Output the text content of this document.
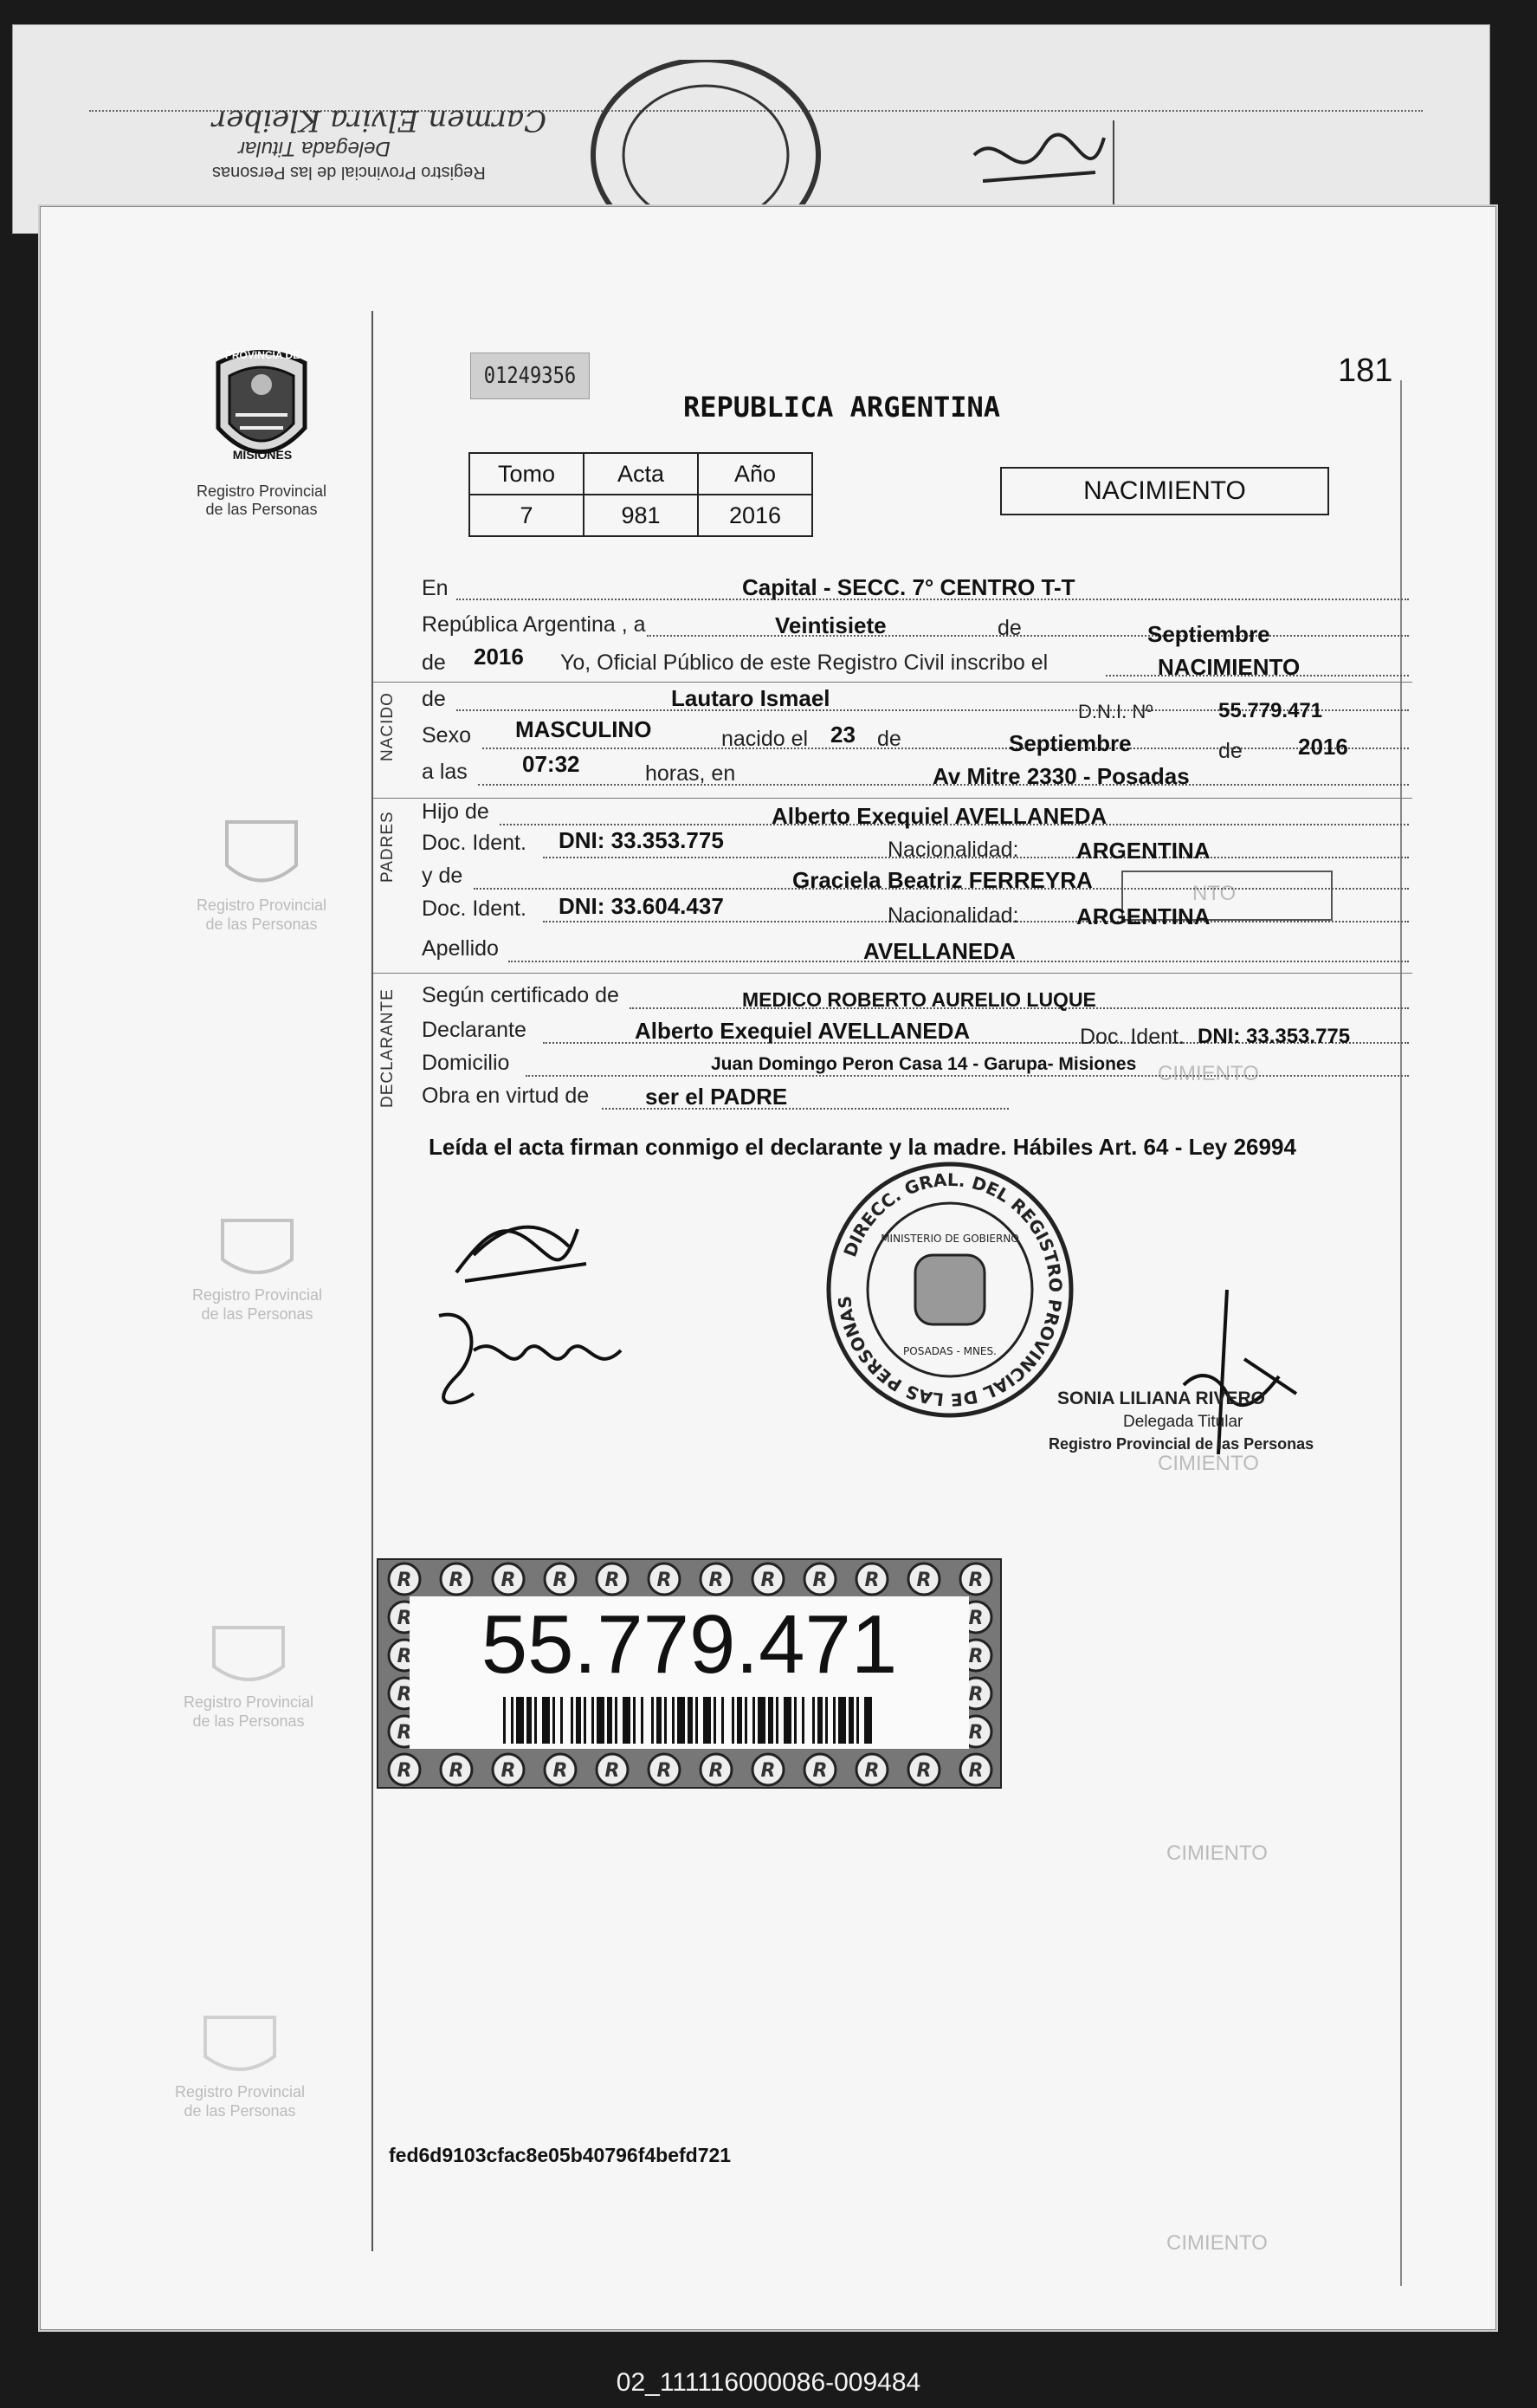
Carmen Elvira Kleiber
Delegada Titular
Registro Provincial de las Personas
PROVINCIA DE
MISIONES
Registro Provincial
de las Personas
Registro Provincial
de las Personas
Registro Provincial
de las Personas
Registro Provincial
de las Personas
Registro Provincial
de las Personas
CIMIENTO
CIMIENTO
CIMIENTO
CIMIENTO
NTO
01249356
REPUBLICA ARGENTINA
181
Tomo	Acta	Año
7	981	2016
NACIMIENTO
En	Capital - SECC. 7° CENTRO T-T
República Argentina , a	Veintisiete	de	Septiembre
de 2016 Yo, Oficial Público de este Registro Civil inscribo el	NACIMIENTO
NACIDO de	Lautaro Ismael
D.N.I. Nº	55.779.471
Sexo MASCULINO	nacido el 23 de	Septiembre	de 2016
a las 07:32	horas, en	Av Mitre 2330 - Posadas
PADRES Hijo de	Alberto Exequiel AVELLANEDA
Doc. Ident. DNI: 33.353.775	Nacionalidad:	ARGENTINA
y de	Graciela Beatriz FERREYRA
Doc. Ident. DNI: 33.604.437	Nacionalidad:	ARGENTINA
Apellido	AVELLANEDA
DECLARANTE Según certificado de	MEDICO ROBERTO AURELIO LUQUE
Declarante	Alberto Exequiel AVELLANEDA	Doc. Ident. DNI: 33.353.775
Domicilio	Juan Domingo Peron Casa 14 - Garupa- Misiones
Obra en virtud de ser el PADRE
Leída el acta firman conmigo el declarante y la madre. Hábiles Art. 64 - Ley 26994
DIRECC. GRAL. DEL REGISTRO PROVINCIAL DE LAS PERSONAS
MINISTERIO DE GOBIERNO
POSADAS - MNES.
SONIA LILIANA RIVERO
Delegada Titular
Registro Provincial de las Personas
55.779.471
fed6d9103cfac8e05b40796f4befd721
02_111116000086-009484
